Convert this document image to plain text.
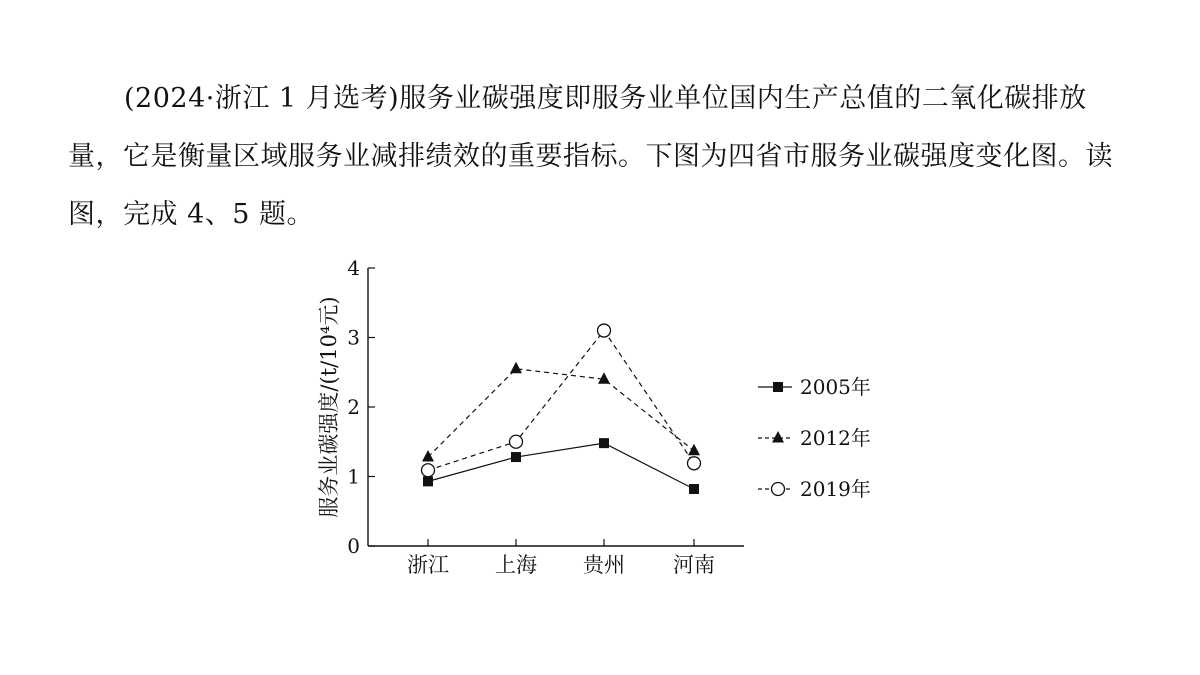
(2024·浙江 1 月选考)服务业碳强度即服务业单位国内生产总值的二氧化碳排放量，它是衡量区域服务业减排绩效的重要指标。下图为四省市服务业碳强度变化图。读图，完成 4、5 题。
0
1
2
3
4
浙江 上海 贵州 河南
2005年
2012年
2019年
服务业碳强度/(t/10⁴元)
